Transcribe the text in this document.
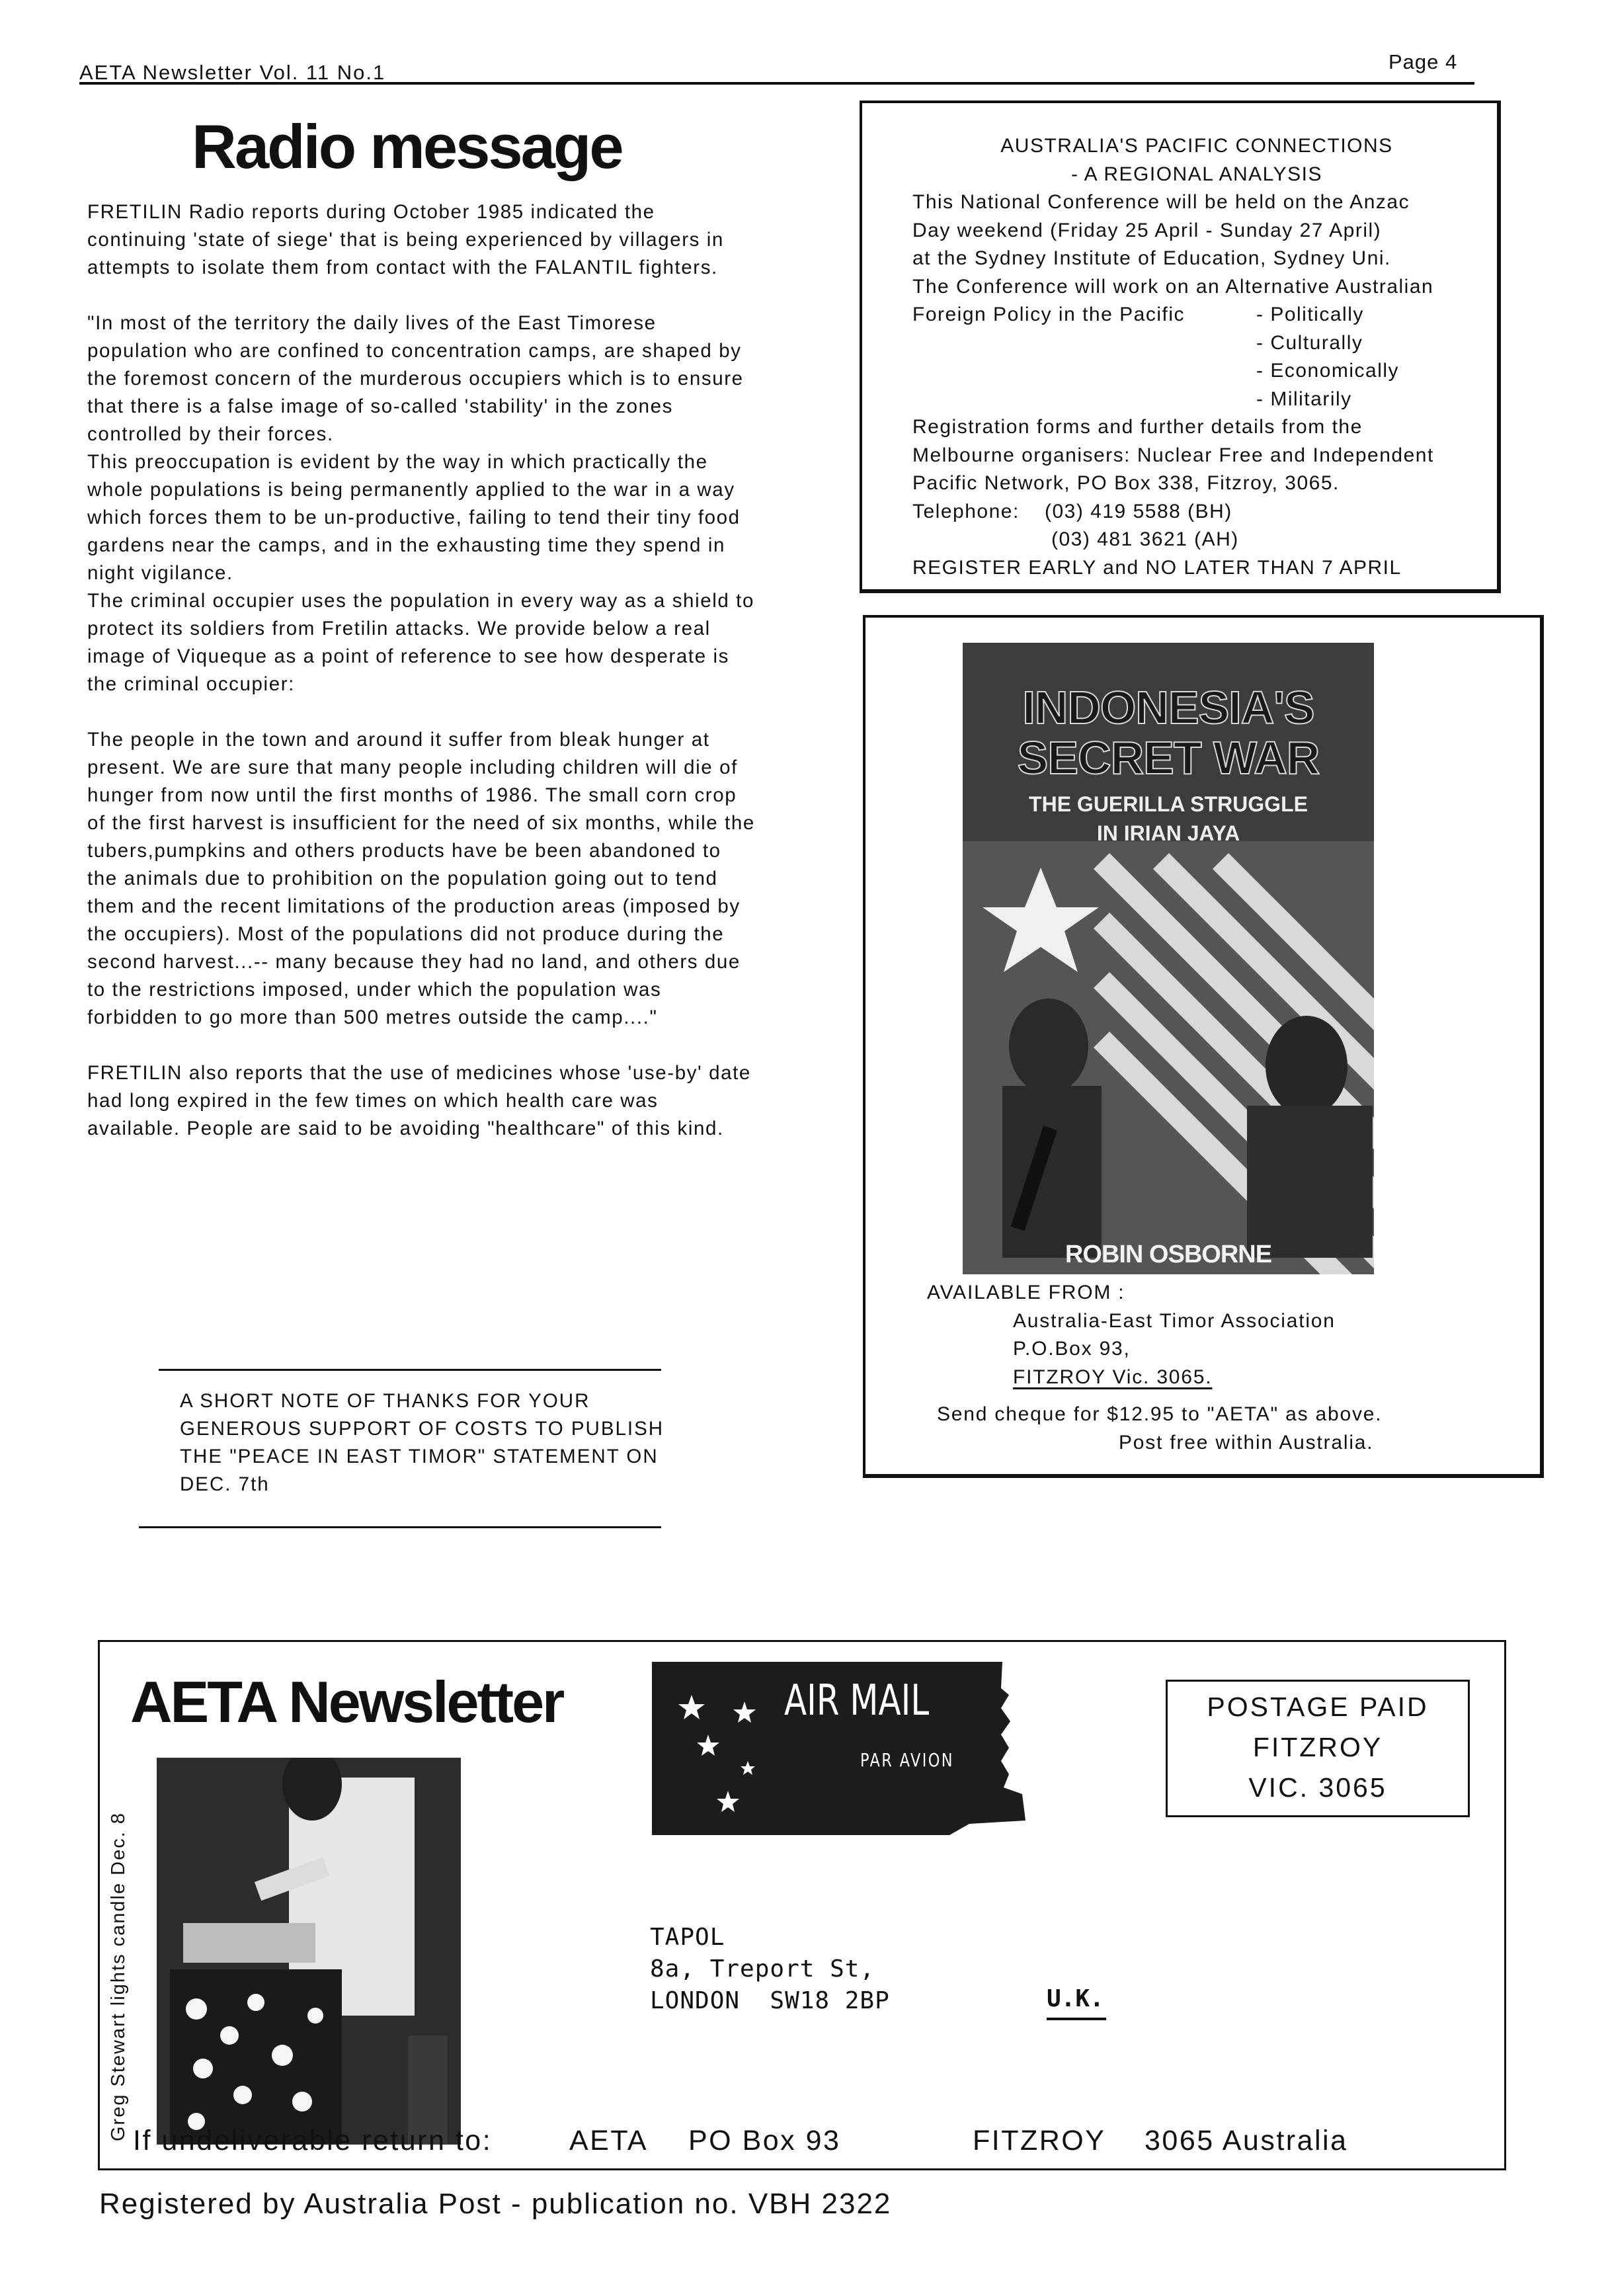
AETA Newsletter Vol. 11 No.1	Page 4
Radio message

FRETILIN Radio reports during October 1985 indicated the continuing 'state of siege' that is being experienced by villagers in attempts to isolate them from contact with the FALANTIL fighters.

"In most of the territory the daily lives of the East Timorese population who are confined to concentration camps, are shaped by the foremost concern of the murderous occupiers which is to ensure that there is a false image of so-called 'stability' in the zones controlled by their forces.

This preoccupation is evident by the way in which practically the whole populations is being permanently applied to the war in a way which forces them to be un-productive, failing to tend their tiny food gardens near the camps, and in the exhausting time they spend in night vigilance.

The criminal occupier uses the population in every way as a shield to protect its soldiers from Fretilin attacks. We provide below a real image of Viqueque as a point of reference to see how desperate is the criminal occupier:

The people in the town and around it suffer from bleak hunger at present. We are sure that many people including children will die of hunger from now until the first months of 1986. The small corn crop of the first harvest is insufficient for the need of six months, while the tubers,pumpkins and others products have be been abandoned to the animals due to prohibition on the population going out to tend them and the recent limitations of the production areas (imposed by the occupiers). Most of the populations did not produce during the second harvest...-- many because they had no land, and others due to the restrictions imposed, under which the population was forbidden to go more than 500 metres outside the camp...."

FRETILIN also reports that the use of medicines whose 'use-by' date had long expired in the few times on which health care was available. People are said to be avoiding "healthcare" of this kind.

A SHORT NOTE OF THANKS FOR YOUR GENEROUS SUPPORT OF COSTS TO PUBLISH THE "PEACE IN EAST TIMOR" STATEMENT ON DEC. 7th
AUSTRALIA'S PACIFIC CONNECTIONS
- A REGIONAL ANALYSIS
This National Conference will be held on the Anzac
Day weekend (Friday 25 April - Sunday 27 April)
at the Sydney Institute of Education, Sydney Uni.
The Conference will work on an Alternative Australian
Foreign Policy in the Pacific	- Politically
- Culturally
- Economically
- Militarily
Registration forms and further details from the
Melbourne organisers: Nuclear Free and Independent
Pacific Network, PO Box 338, Fitzroy, 3065.
Telephone: (03) 419 5588 (BH)
(03) 481 3621 (AH)
REGISTER EARLY and NO LATER THAN 7 APRIL
INDONESIA'S
SECRET WAR
THE GUERILLA STRUGGLE
IN IRIAN JAYA
ROBIN OSBORNE
AVAILABLE FROM :
Australia-East Timor Association
P.O.Box 93,
FITZROY Vic. 3065.
Send cheque for $12.95 to "AETA" as above.
Post free within Australia.
AETA Newsletter
Greg Stewart lights candle Dec. 8
AIR MAIL
PAR AVION
POSTAGE PAID
FITZROY
VIC. 3065
TAPOL
8a, Treport St,
LONDON  SW18 2BP	U.K.
If undeliverable return to:	AETA PO Box 93	FITZROY 3065 Australia
Registered by Australia Post - publication no. VBH 2322
